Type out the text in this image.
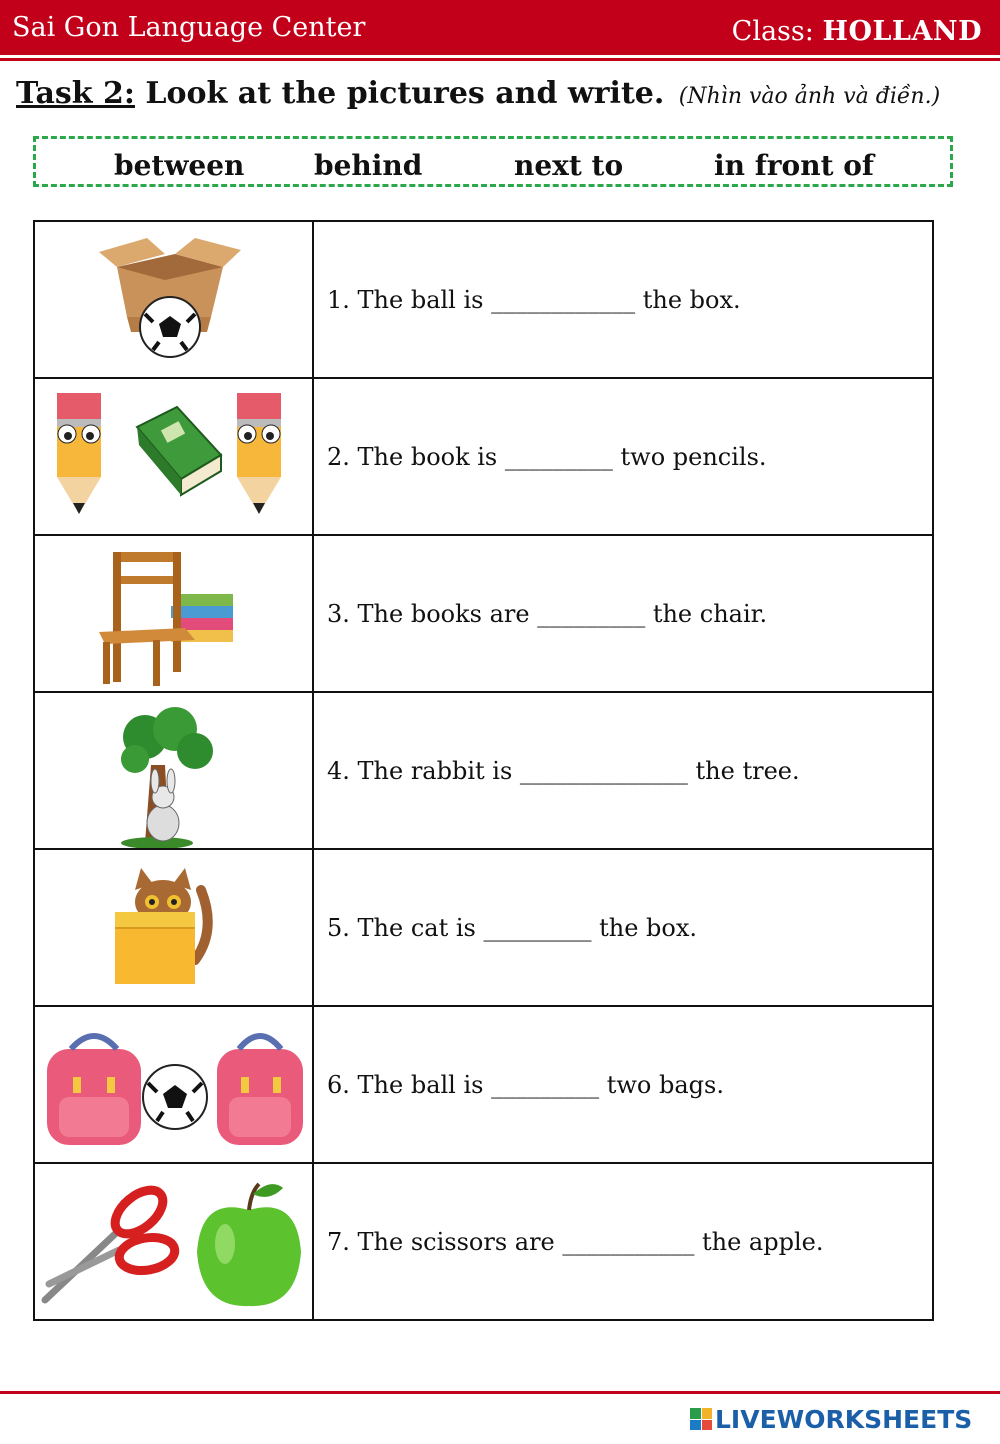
Sai Gon Language Center	Class: HOLLAND
Task 2: Look at the pictures and write. (Nhìn vào ảnh và điền.)
between behind	next to	in front of
	1. The ball is ____________ the box.

	2. The book is _________ two pencils.

	3. The books are _________ the chair.

	4. The rabbit is ______________ the tree.

	5. The cat is _________ the box.

	6. The ball is _________ two bags.

	7. The scissors are ___________ the apple.
LIVEWORKSHEETS
